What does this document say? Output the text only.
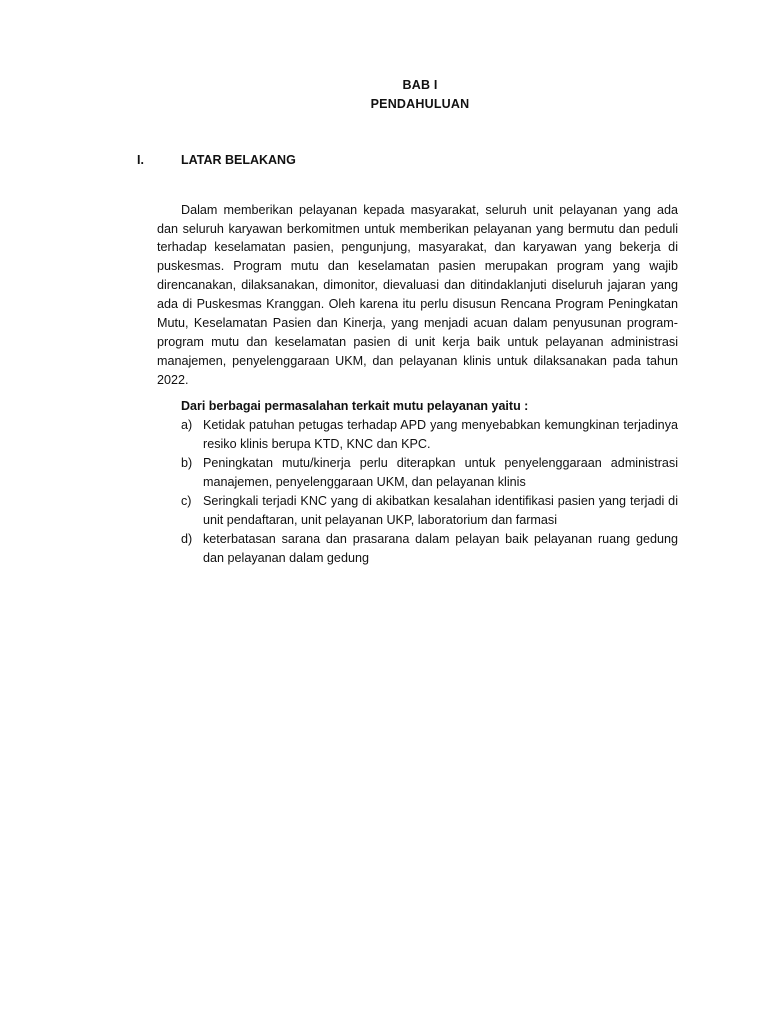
BAB I
PENDAHULUAN
I.	LATAR BELAKANG

Dalam memberikan pelayanan kepada masyarakat, seluruh unit pelayanan yang ada dan seluruh karyawan berkomitmen untuk memberikan pelayanan yang bermutu dan peduli terhadap keselamatan pasien, pengunjung, masyarakat, dan karyawan yang bekerja di puskesmas. Program mutu dan keselamatan pasien merupakan program yang wajib direncanakan, dilaksanakan, dimonitor, dievaluasi dan ditindaklanjuti diseluruh jajaran yang ada di Puskesmas Kranggan. Oleh karena itu perlu disusun Rencana Program Peningkatan Mutu, Keselamatan Pasien dan Kinerja, yang menjadi acuan dalam penyusunan program-program mutu dan keselamatan pasien di unit kerja baik untuk pelayanan administrasi manajemen, penyelenggaraan UKM, dan pelayanan klinis untuk dilaksanakan pada tahun 2022.

Dari berbagai permasalahan terkait mutu pelayanan yaitu :
a) Ketidak patuhan petugas terhadap APD yang menyebabkan kemungkinan terjadinya resiko klinis berupa KTD, KNC dan KPC.
b) Peningkatan mutu/kinerja perlu diterapkan untuk penyelenggaraan administrasi manajemen, penyelenggaraan UKM, dan pelayanan klinis
c) Seringkali terjadi KNC yang di akibatkan kesalahan identifikasi pasien yang terjadi di unit pendaftaran, unit pelayanan UKP, laboratorium dan farmasi
d) keterbatasan sarana dan prasarana dalam pelayan baik pelayanan ruang gedung dan pelayanan dalam gedung
